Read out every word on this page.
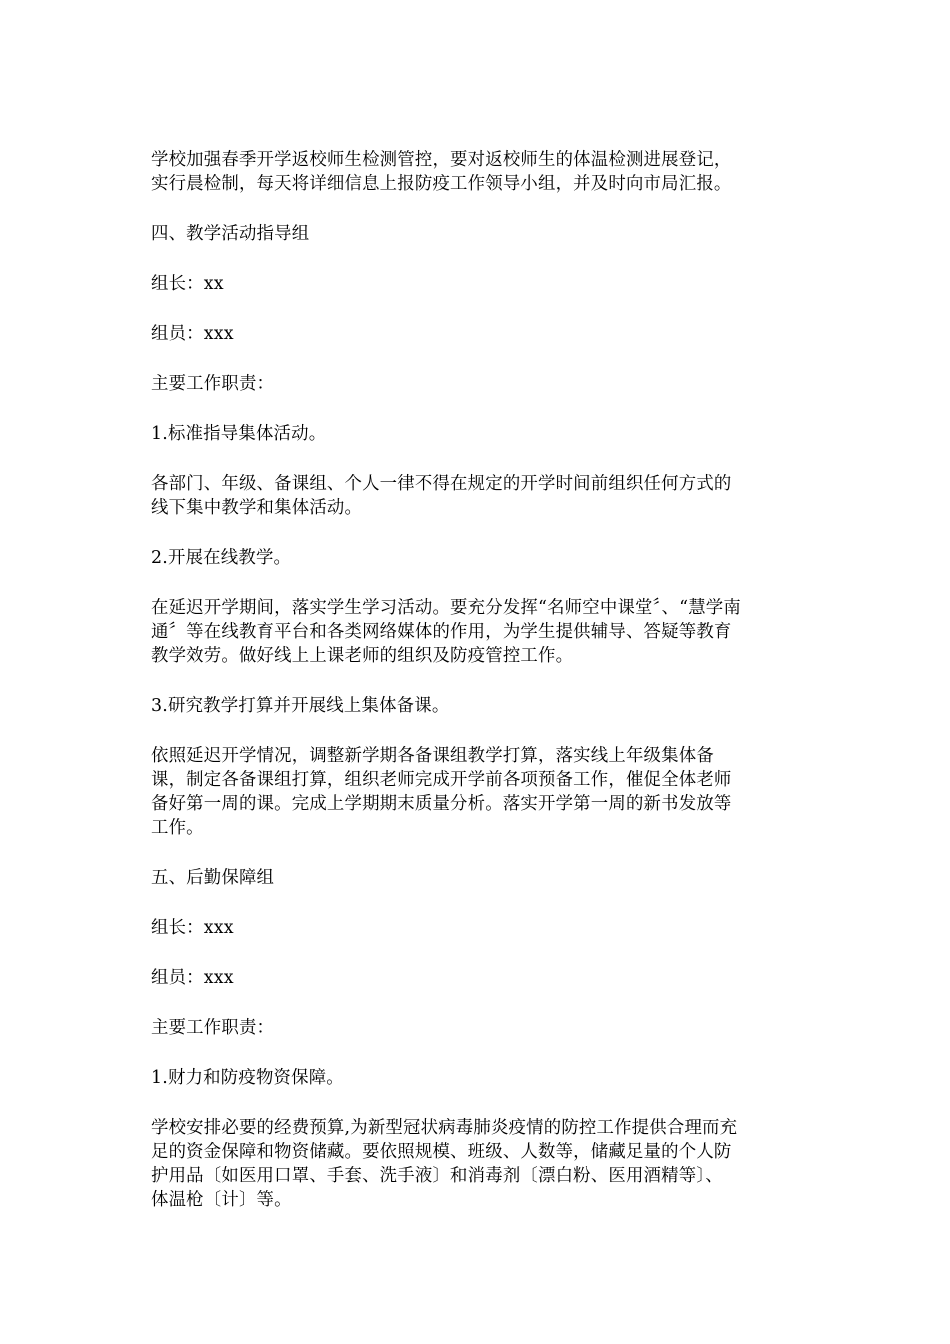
学校加强春季开学返校师生检测管控，要对返校师生的体温检测进展登记，
实行晨检制，每天将详细信息上报防疫工作领导小组，并及时向市局汇报。

四、教学活动指导组

组长：xx

组员：xxx

主要工作职责：

1.标准指导集体活动。

各部门、年级、备课组、个人一律不得在规定的开学时间前组织任何方式的
线下集中教学和集体活动。

2.开展在线教学。

在延迟开学期间，落实学生学习活动。要充分发挥“名师空中课堂〞、“慧学南
通〞等在线教育平台和各类网络媒体的作用，为学生提供辅导、答疑等教育
教学效劳。做好线上上课老师的组织及防疫管控工作。

3.研究教学打算并开展线上集体备课。

依照延迟开学情况，调整新学期各备课组教学打算，落实线上年级集体备
课，制定各备课组打算，组织老师完成开学前各项预备工作，催促全体老师
备好第一周的课。完成上学期期末质量分析。落实开学第一周的新书发放等
工作。

五、后勤保障组

组长：xxx

组员：xxx

主要工作职责：

1.财力和防疫物资保障。

学校安排必要的经费预算,为新型冠状病毒肺炎疫情的防控工作提供合理而充
足的资金保障和物资储藏。要依照规模、班级、人数等，储藏足量的个人防
护用品〔如医用口罩、手套、洗手液〕和消毒剂〔漂白粉、医用酒精等〕、
体温枪〔计〕等。
